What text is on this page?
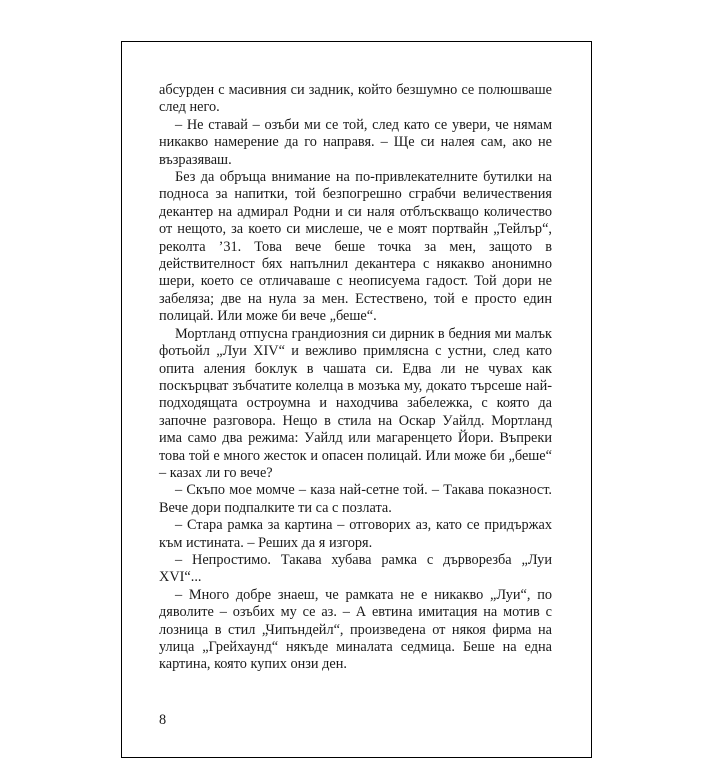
абсурден с масивния си задник, който безшумно се полюшваше след него.

– Не ставай – озъби ми се той, след като се увери, че нямам никакво намерение да го направя. – Ще си налея сам, ако не възразяваш.

Без да обръща внимание на по-привлекателните бутилки на подноса за напитки, той безпогрешно сграбчи величествения декантер на адмирал Родни и си наля отблъскващо количество от нещото, за което си мислеше, че е моят портвайн „Тейлър“, реколта ’31. Това вече беше точка за мен, защото в действителност бях напълнил декантера с някакво анонимно шери, което се отличаваше с неописуема гадост. Той дори не забеляза; две на нула за мен. Естествено, той е просто един полицай. Или може би вече „беше“.

Мортланд отпусна грандиозния си дирник в бедния ми малък фотьойл „Луи XIV“ и вежливо примлясна с устни, след като опита аления боклук в чашата си. Едва ли не чувах как поскърцват зъбчатите колелца в мозъка му, докато търсеше най-подходящата остроумна и находчива забележка, с която да започне разговора. Нещо в стила на Оскар Уайлд. Мортланд има само два режима: Уайлд или магаренцето Йори. Въпреки това той е много жесток и опасен полицай. Или може би „беше“ – казах ли го вече?

– Скъпо мое момче – каза най-сетне той. – Такава показност. Вече дори подпалките ти са с позлата.

– Стара рамка за картина – отговорих аз, като се придържах към истината. – Реших да я изгоря.

– Непростимо. Такава хубава рамка с дърворезба „Луи XVI“...

– Много добре знаеш, че рамката не е никакво „Луи“, по дяволите – озъбих му се аз. – А евтина имитация на мотив с лозница в стил „Чипъндейл“, произведена от някоя фирма на улица „Грейхаунд“ някъде миналата седмица. Беше на една картина, която купих онзи ден.

8
